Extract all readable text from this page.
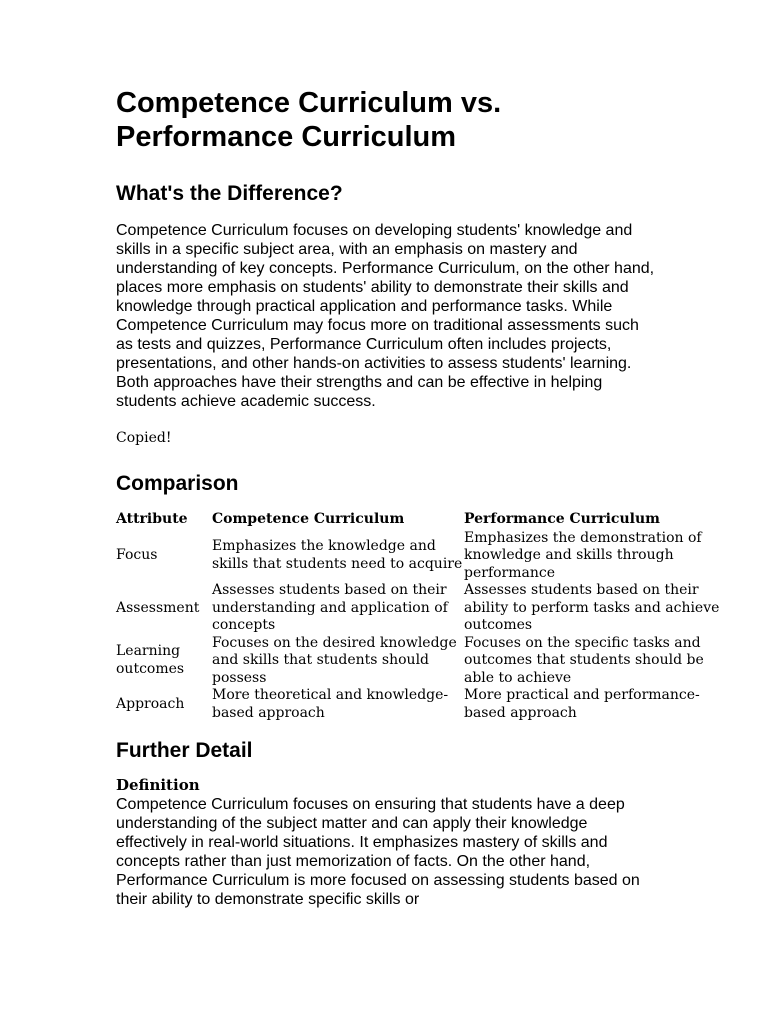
Competence Curriculum vs. Performance Curriculum
What's the Difference?

Competence Curriculum focuses on developing students' knowledge and skills in a specific subject area, with an emphasis on mastery and understanding of key concepts. Performance Curriculum, on the other hand, places more emphasis on students' ability to demonstrate their skills and knowledge through practical application and performance tasks. While Competence Curriculum may focus more on traditional assessments such as tests and quizzes, Performance Curriculum often includes projects, presentations, and other hands-on activities to assess students' learning. Both approaches have their strengths and can be effective in helping students achieve academic success.

Copied!
Comparison
Attribute	Competence Curriculum	Performance Curriculum
Focus	Emphasizes the knowledge and skills that students need to acquire	Emphasizes the demonstration of knowledge and skills through performance
Assessment	Assesses students based on their understanding and application of concepts	Assesses students based on their ability to perform tasks and achieve outcomes
Learning outcomes	Focuses on the desired knowledge and skills that students should possess	Focuses on the specific tasks and outcomes that students should be able to achieve
Approach	More theoretical and knowledge-based approach	More practical and performance-based approach
Further Detail
Definition

Competence Curriculum focuses on ensuring that students have a deep understanding of the subject matter and can apply their knowledge effectively in real-world situations. It emphasizes mastery of skills and concepts rather than just memorization of facts. On the other hand, Performance Curriculum is more focused on assessing students based on their ability to demonstrate specific skills or
